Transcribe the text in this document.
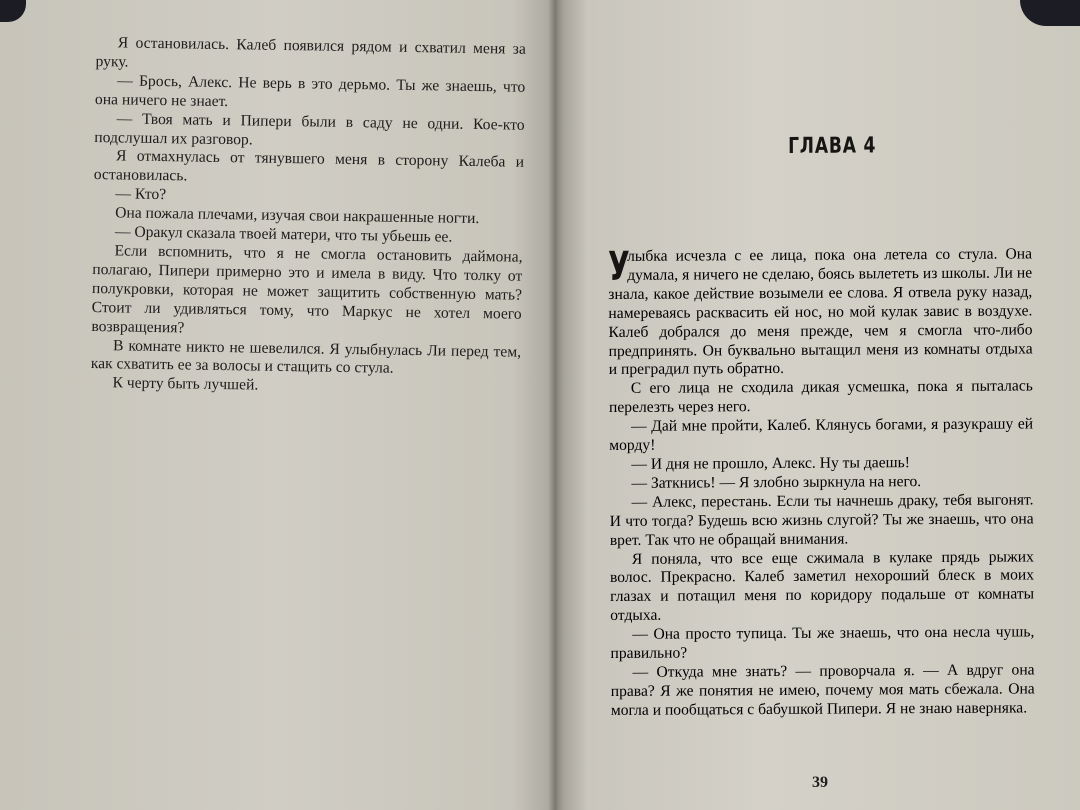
Я остановилась. Калеб появился рядом и схватил меня за руку.

— Брось, Алекс. Не верь в это дерьмо. Ты же знаешь, что она ничего не знает.

— Твоя мать и Пипери были в саду не одни. Кое-кто подслушал их разговор.

Я отмахнулась от тянувшего меня в сторону Калеба и остановилась.

— Кто?

Она пожала плечами, изучая свои накрашенные ногти.

— Оракул сказала твоей матери, что ты убьешь ее.

Если вспомнить, что я не смогла остановить даймона, полагаю, Пипери примерно это и имела в виду. Что толку от полукровки, которая не может защитить собственную мать? Стоит ли удивляться тому, что Маркус не хотел моего возвращения?

В комнате никто не шевелился. Я улыбнулась Ли перед тем, как схватить ее за волосы и стащить со стула.

К черту быть лучшей.

ГЛАВА 4

У
лыбка исчезла с ее лица, пока она летела со стула. Она думала, я ничего не сделаю, боясь вылететь из школы. Ли не знала, какое действие возымели ее слова. Я отвела руку назад, намереваясь расквасить ей нос, но мой кулак завис в воздухе. Калеб добрался до меня прежде, чем я смогла что-либо предпринять. Он буквально вытащил меня из комнаты отдыха и преградил путь обратно.

С его лица не сходила дикая усмешка, пока я пыталась перелезть через него.

— Дай мне пройти, Калеб. Клянусь богами, я разукрашу ей морду!

— И дня не прошло, Алекс. Ну ты даешь!

— Заткнись! — Я злобно зыркнула на него.

— Алекс, перестань. Если ты начнешь драку, тебя выгонят. И что тогда? Будешь всю жизнь слугой? Ты же знаешь, что она врет. Так что не обращай внимания.

Я поняла, что все еще сжимала в кулаке прядь рыжих волос. Прекрасно. Калеб заметил нехороший блеск в моих глазах и потащил меня по коридору подальше от комнаты отдыха.

— Она просто тупица. Ты же знаешь, что она несла чушь, правильно?

— Откуда мне знать? — проворчала я. — А вдруг она права? Я же понятия не имею, почему моя мать сбежала. Она могла и пообщаться с бабушкой Пипери. Я не знаю наверняка.

39
